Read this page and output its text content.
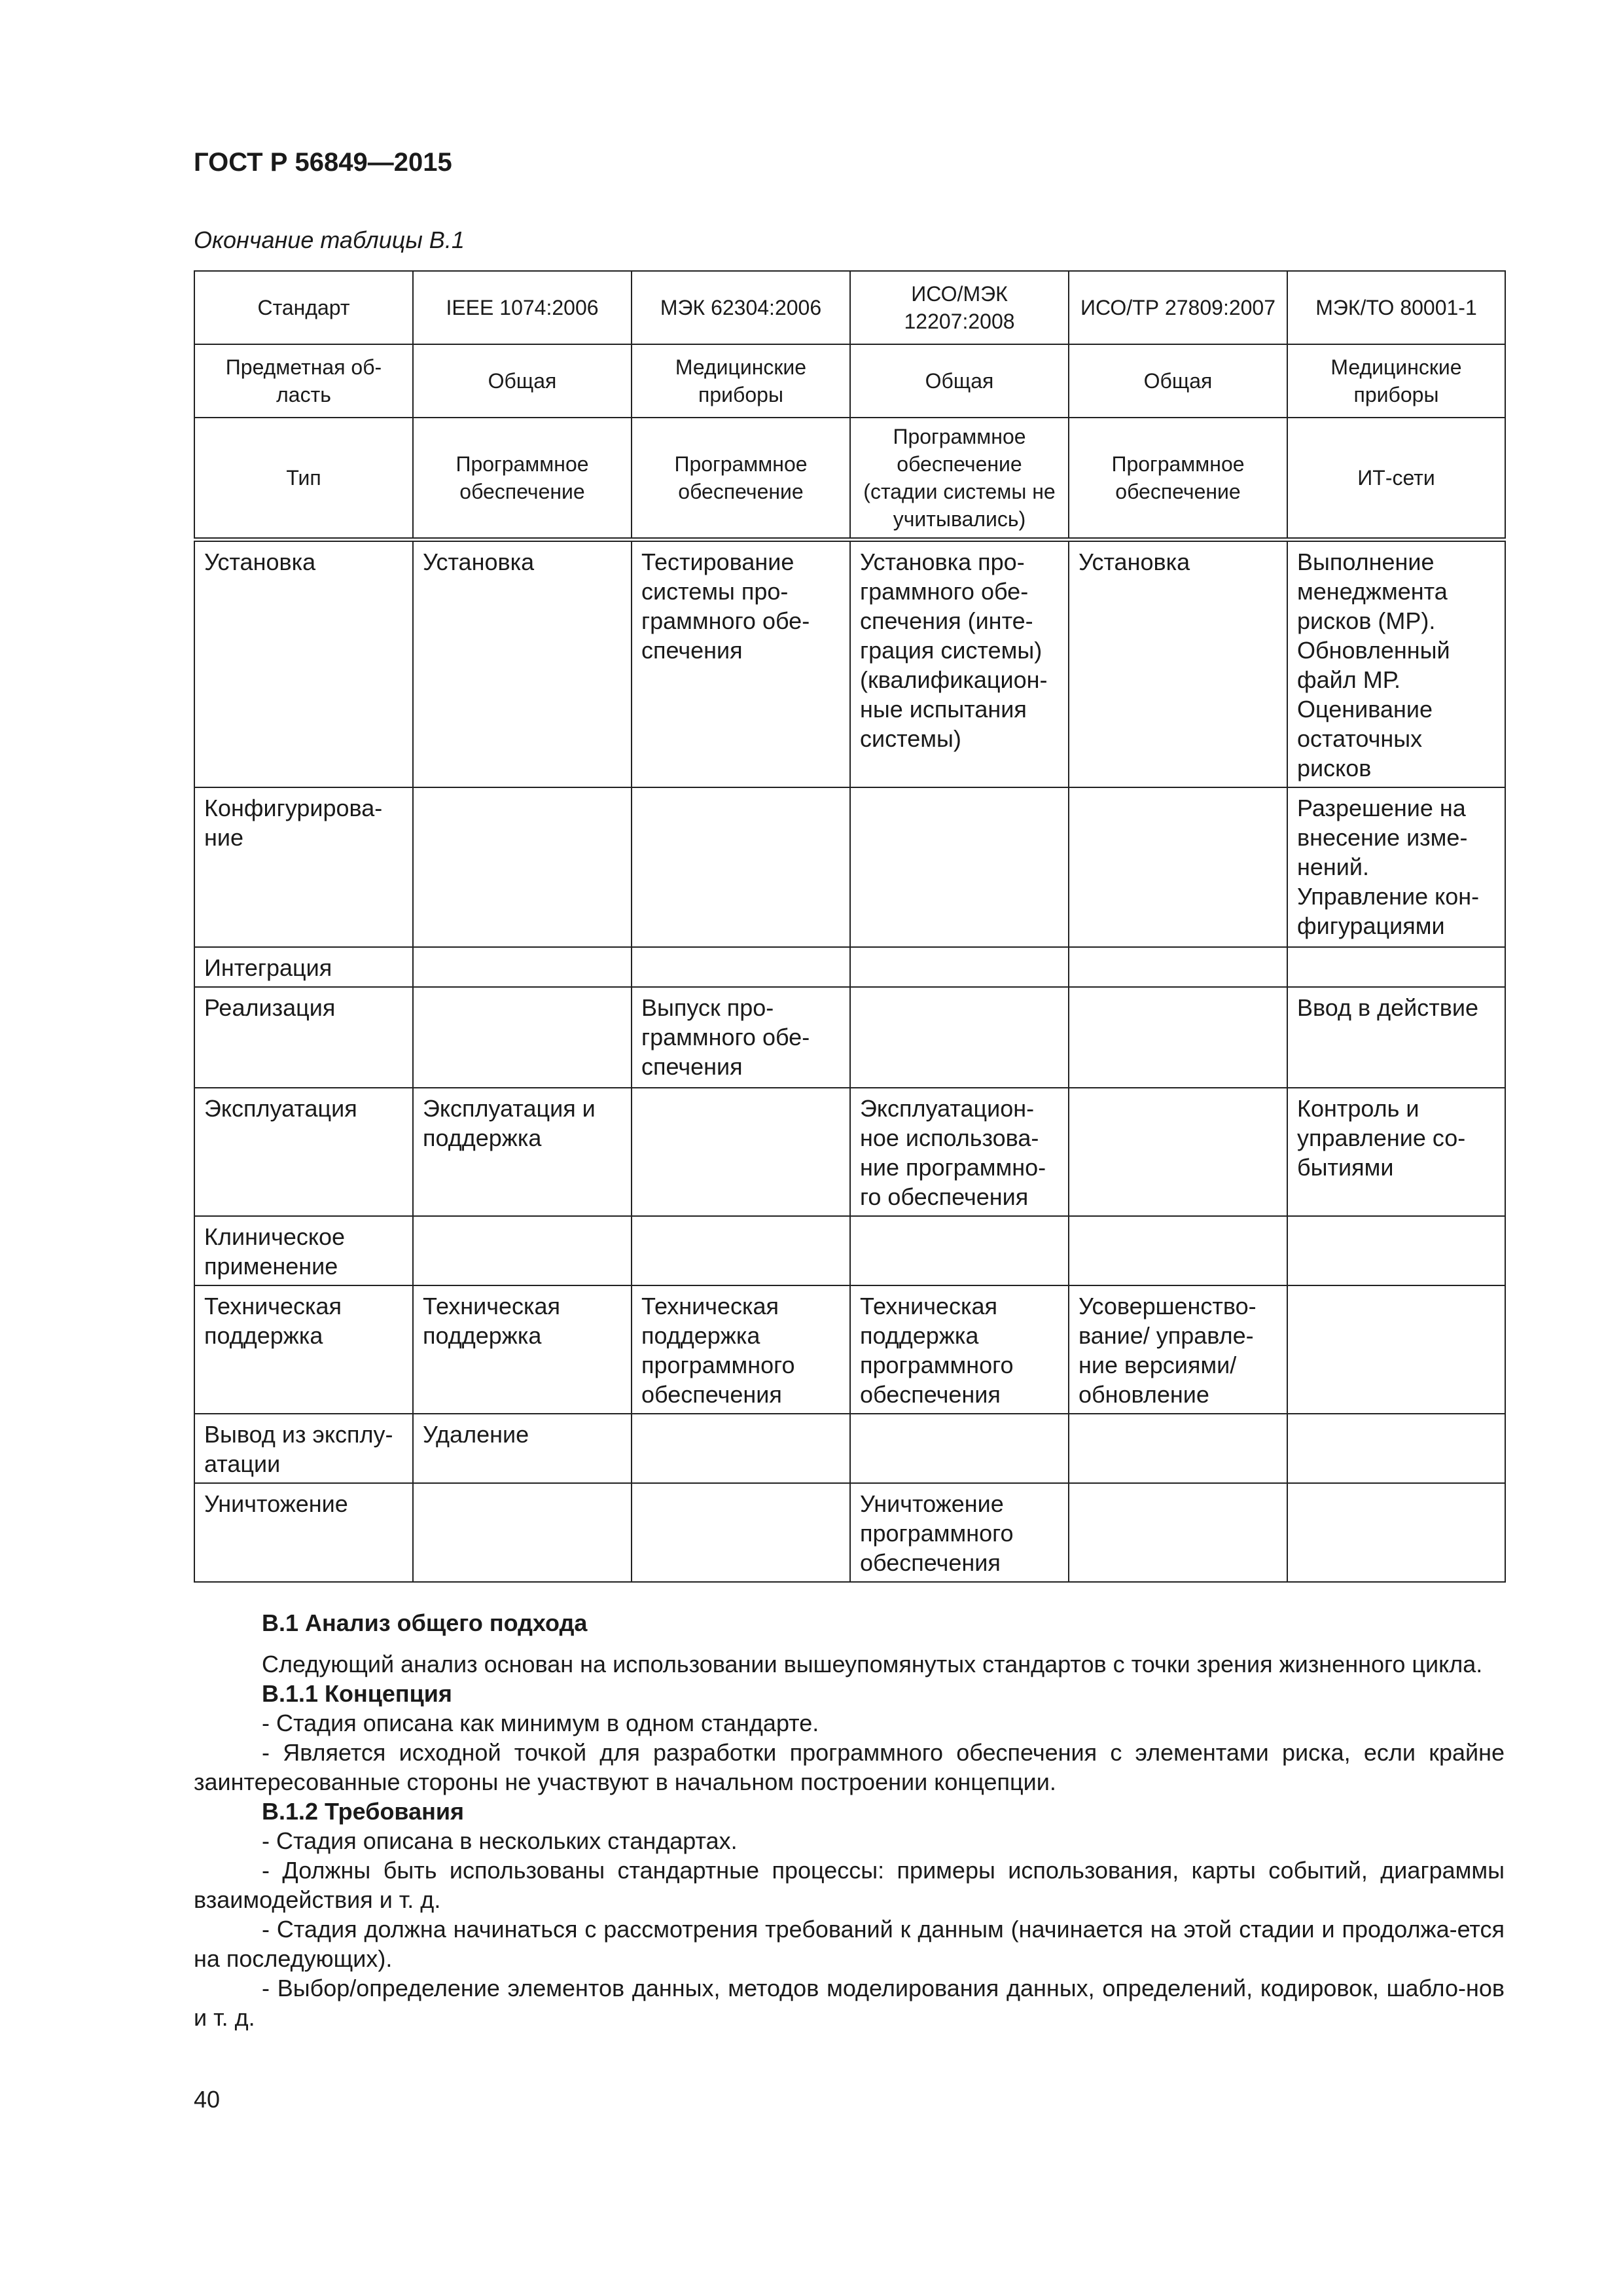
ГОСТ Р 56849—2015
Окончание таблицы B.1
Стандарт	IEEE 1074:2006	МЭК 62304:2006	ИСО/МЭК 12207:2008	ИСО/ТР 27809:2007	МЭК/ТО 80001-1
Предметная об-ласть	Общая	Медицинские приборы	Общая	Общая	Медицинские приборы
Тип	Программное обеспечение	Программное обеспечение	Программное обеспечение (стадии системы не учитывались)	Программное обеспечение	ИТ-сети
Установка	Установка	Тестирование системы про-граммного обе-спечения	Установка про-граммного обе-спечения (инте-грация системы) (квалификацион-ные испытания системы)	Установка	Выполнение менеджмента рисков (МР). Обновленный файл МР. Оценивание остаточных рисков
Конфигурирова-ние					Разрешение на внесение изме-нений. Управление кон-фигурациями
Интеграция					
Реализация		Выпуск про-граммного обе-спечения			Ввод в действие
Эксплуатация	Эксплуатация и поддержка		Эксплуатацион-ное использова-ние программно-го обеспечения		Контроль и управление со-бытиями
Клиническое применение					
Техническая поддержка	Техническая поддержка	Техническая поддержка программного обеспечения	Техническая поддержка программного обеспечения	Усовершенство-вание/ управле-ние версиями/ обновление	
Вывод из эксплу-атации	Удаление				
Уничтожение			Уничтожение программного обеспечения		

В.1 Анализ общего подхода

Следующий анализ основан на использовании вышеупомянутых стандартов с точки зрения жизненного цикла.

В.1.1 Концепция

- Стадия описана как минимум в одном стандарте.

- Является исходной точкой для разработки программного обеспечения с элементами риска, если крайне заинтересованные стороны не участвуют в начальном построении концепции.

В.1.2 Требования

- Стадия описана в нескольких стандартах.

- Должны быть использованы стандартные процессы: примеры использования, карты событий, диаграммы взаимодействия и т. д.

- Стадия должна начинаться с рассмотрения требований к данным (начинается на этой стадии и продолжа-ется на последующих).

- Выбор/определение элементов данных, методов моделирования данных, определений, кодировок, шабло-нов и т. д.

40
